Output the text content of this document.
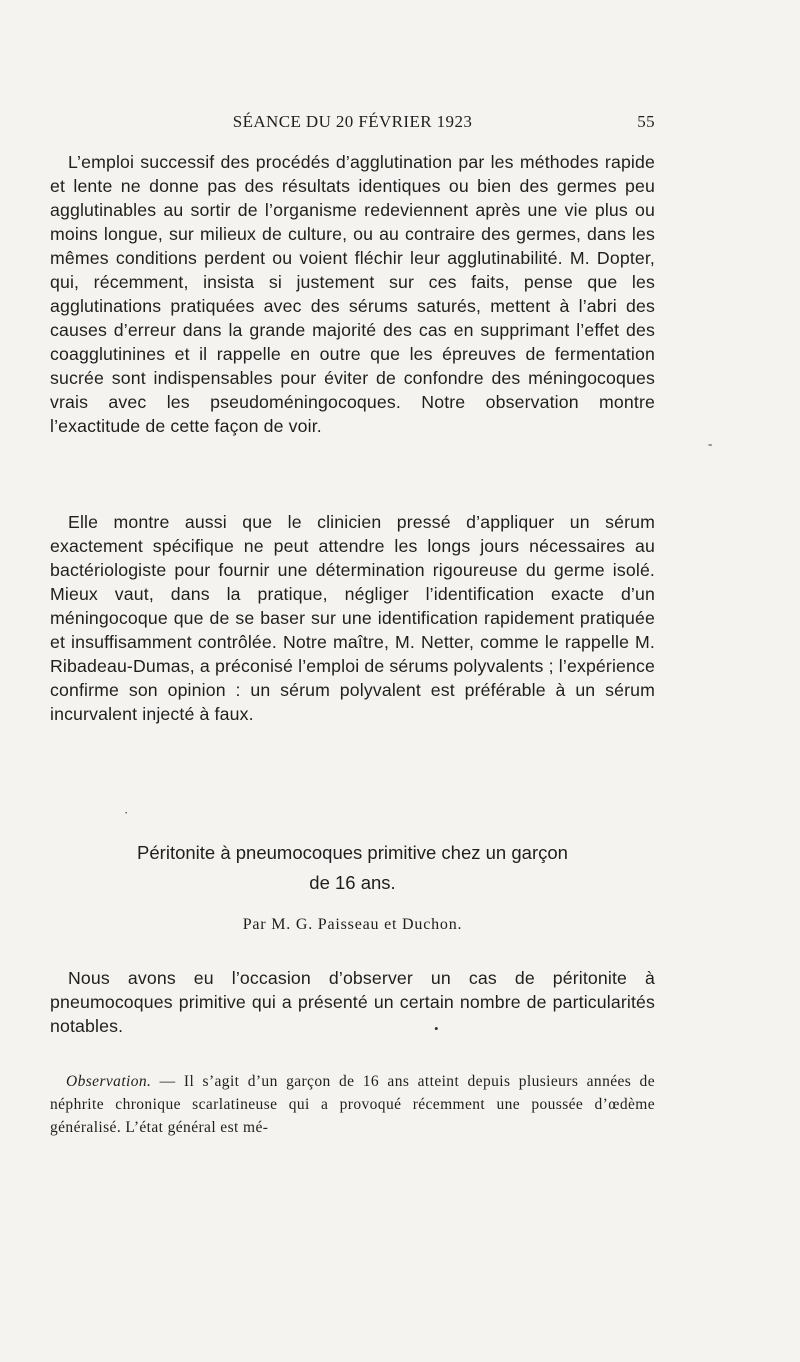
SÉANCE DU 20 FÉVRIER 1923	55

L’emploi successif des procédés d’agglutination par les méthodes rapide et lente ne donne pas des résultats identiques ou bien des germes peu agglutinables au sortir de l’organisme redeviennent après une vie plus ou moins longue, sur milieux de culture, ou au contraire des germes, dans les mêmes conditions perdent ou voient fléchir leur agglutinabilité. M. Dopter, qui, récemment, insista si justement sur ces faits, pense que les agglutinations pratiquées avec des sérums saturés, mettent à l’abri des causes d’erreur dans la grande majorité des cas en supprimant l’effet des coagglutinines et il rappelle en outre que les épreuves de fermentation sucrée sont indispensables pour éviter de confondre des méningocoques vrais avec les pseudoméningocoques. Notre observation montre l’exactitude de cette façon de voir.

Elle montre aussi que le clinicien pressé d’appliquer un sérum exactement spécifique ne peut attendre les longs jours nécessaires au bactériologiste pour fournir une détermination rigoureuse du germe isolé. Mieux vaut, dans la pratique, négliger l’identification exacte d’un méningocoque que de se baser sur une identification rapidement pratiquée et insuffisamment contrôlée. Notre maître, M. Netter, comme le rappelle M. Ribadeau-Dumas, a préconisé l’emploi de sérums polyvalents ; l’expérience confirme son opinion : un sérum polyvalent est préférable à un sérum incurvalent injecté à faux.

Péritonite à pneumocoques primitive chez un garçon
de 16 ans.
Par M. G. Paisseau et Duchon.

Nous avons eu l’occasion d’observer un cas de péritonite à pneumocoques primitive qui a présenté un certain nombre de particularités notables.

Observation. — Il s’agit d’un garçon de 16 ans atteint depuis plusieurs années de néphrite chronique scarlatineuse qui a provoqué récemment une poussée d’œdème généralisé. L’état général est mé-

-
·
•
